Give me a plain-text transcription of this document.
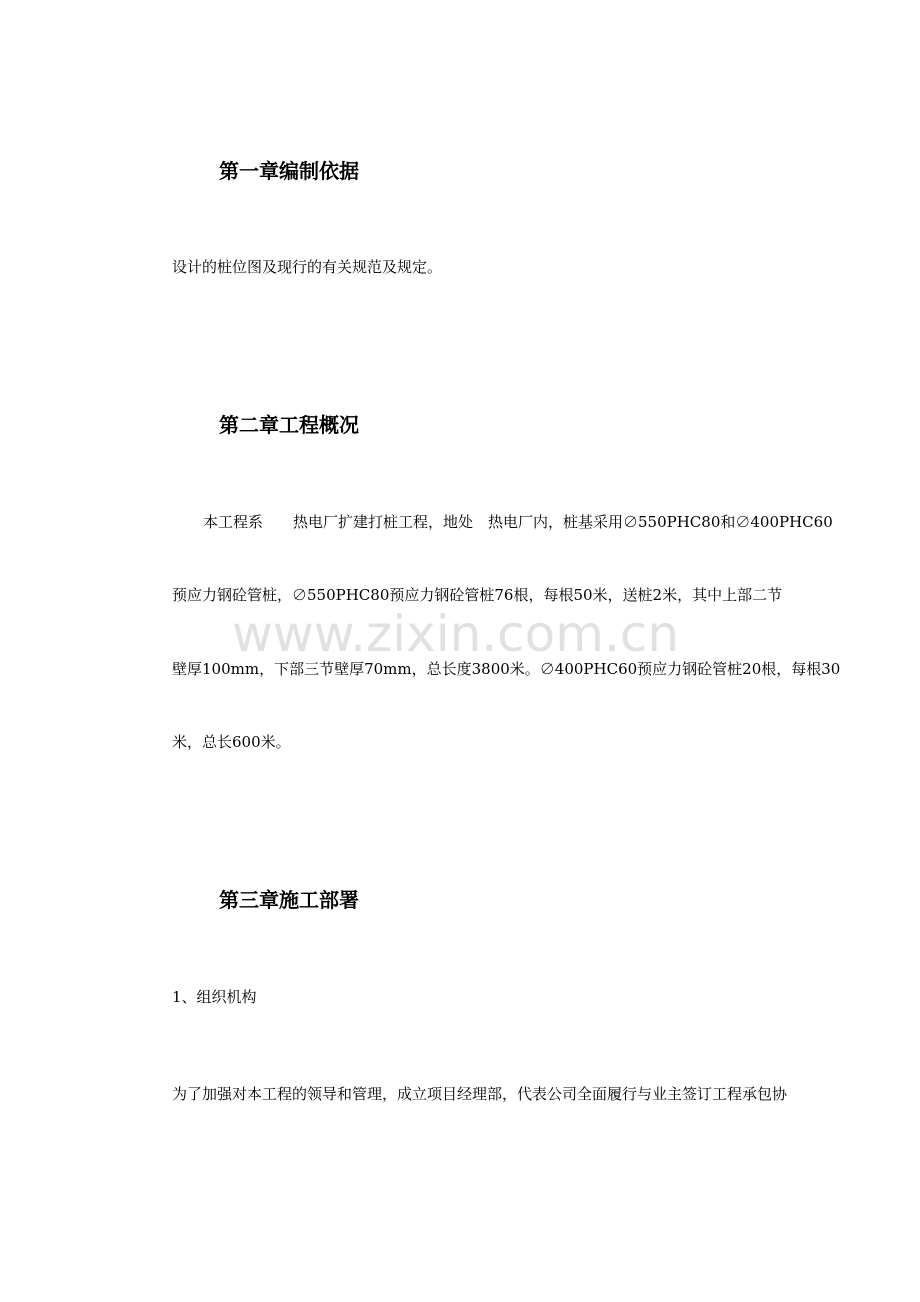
第一章编制依据
设计的桩位图及现行的有关规范及规定。
第二章工程概况
本工程系　　热电厂扩建打桩工程，地处　热电厂内，桩基采用∅550PHC80和∅400PHC60
预应力钢砼管桩，∅550PHC80预应力钢砼管桩76根，每根50米，送桩2米，其中上部二节
壁厚100mm，下部三节壁厚70mm，总长度3800米。∅400PHC60预应力钢砼管桩20根，每根30
米，总长600米。
第三章施工部署
1、组织机构
为了加强对本工程的领导和管理，成立项目经理部，代表公司全面履行与业主签订工程承包协
www.zixin.com.cn
